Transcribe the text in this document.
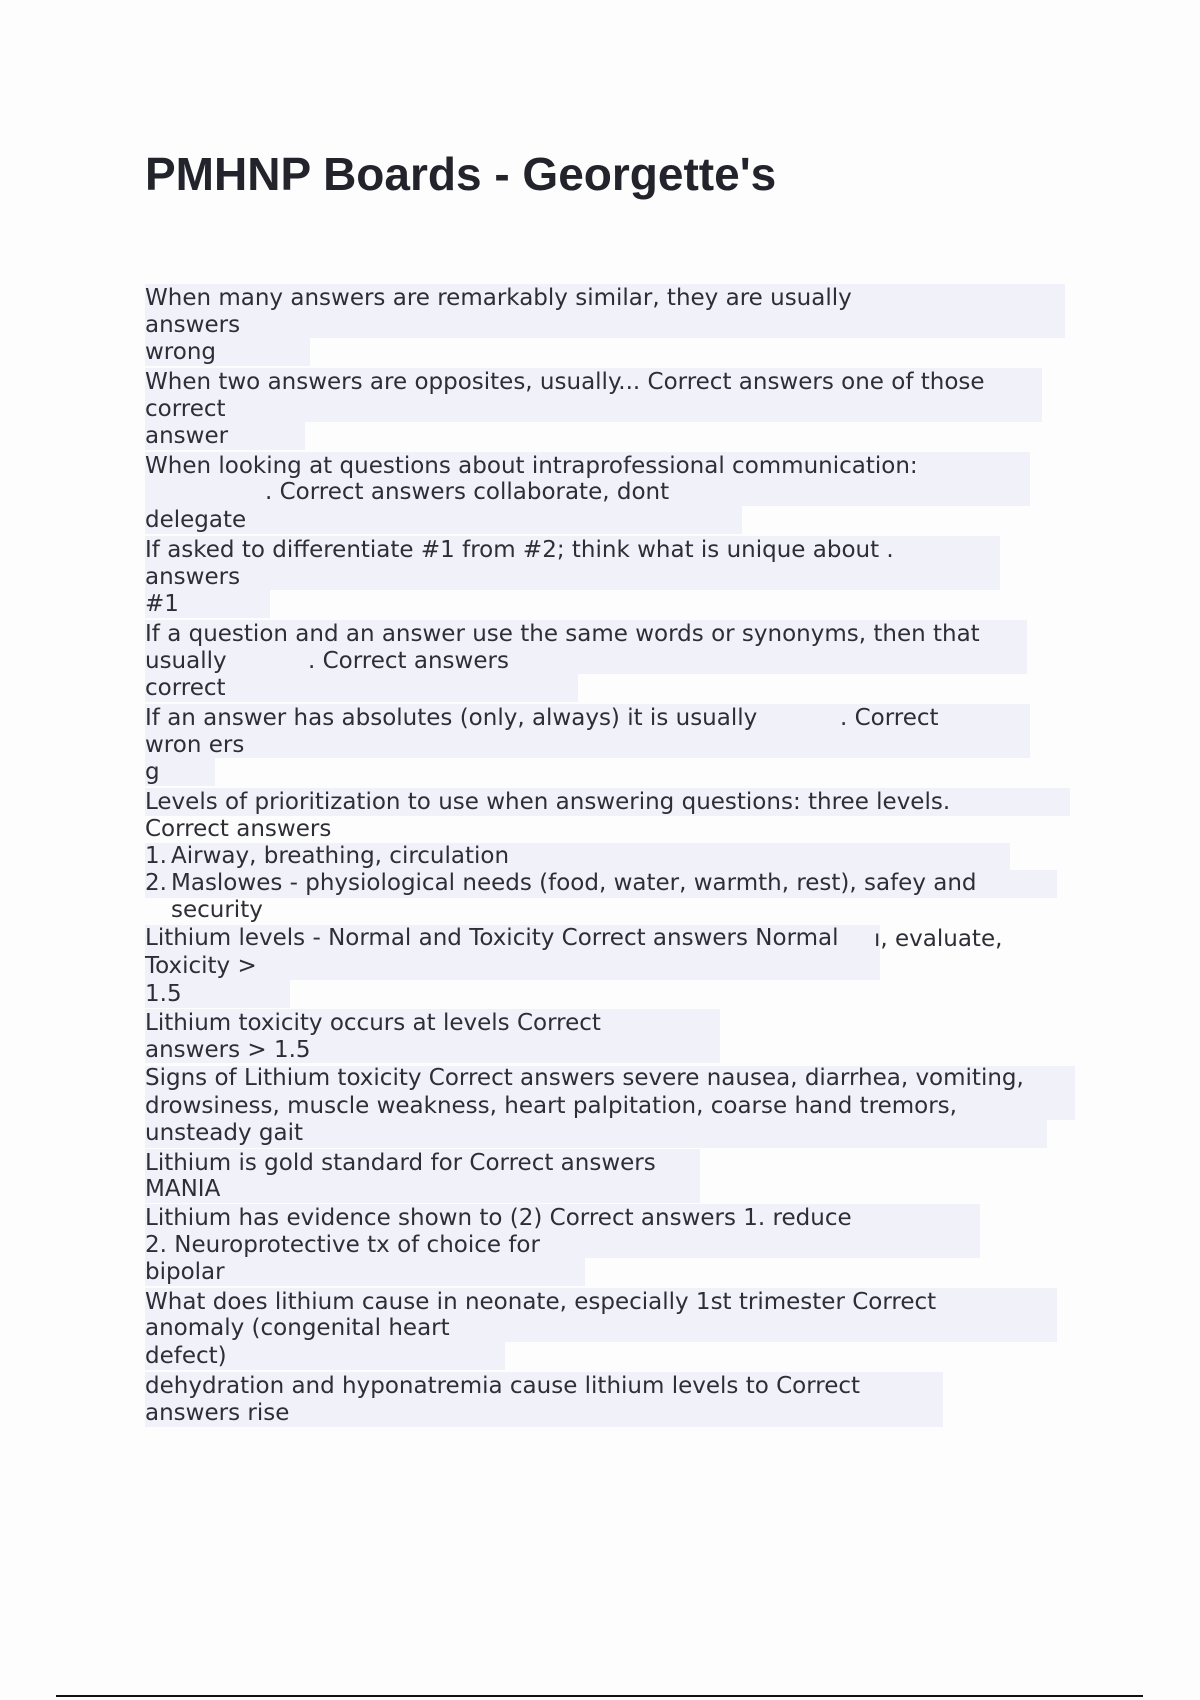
PMHNP Boards - Georgette's
When many answers are remarkably similar, they are usually
answers
wrong
When two answers are opposites, usually... Correct answers one of those
correct
answer
When looking at questions about intraprofessional communication:
. Correct answers collaborate, dont
delegate
If asked to differentiate #1 from #2; think what is unique about .
answers
#1
If a question and an answer use the same words or synonyms, then that
usually	. Correct answers
correct
If an answer has absolutes (only, always) it is usually	. Correct
wron ers
g
Levels of prioritization to use when answering questions: three levels.
Correct answers
1. Airway, breathing, circulation
2. Maslowes - physiological needs (food, water, warmth, rest), safey and
security
Lithium levels - Normal and Toxicity Correct answers Normal ı, evaluate,
Toxicity >
1.5
Lithium toxicity occurs at levels Correct
answers > 1.5
Signs of Lithium toxicity Correct answers severe nausea, diarrhea, vomiting,
drowsiness, muscle weakness, heart palpitation, coarse hand tremors,
unsteady gait
Lithium is gold standard for Correct answers
MANIA
Lithium has evidence shown to (2) Correct answers 1. reduce
2. Neuroprotective tx of choice for
bipolar
What does lithium cause in neonate, especially 1st trimester Correct
anomaly (congenital heart
defect)
dehydration and hyponatremia cause lithium levels to Correct
answers rise
